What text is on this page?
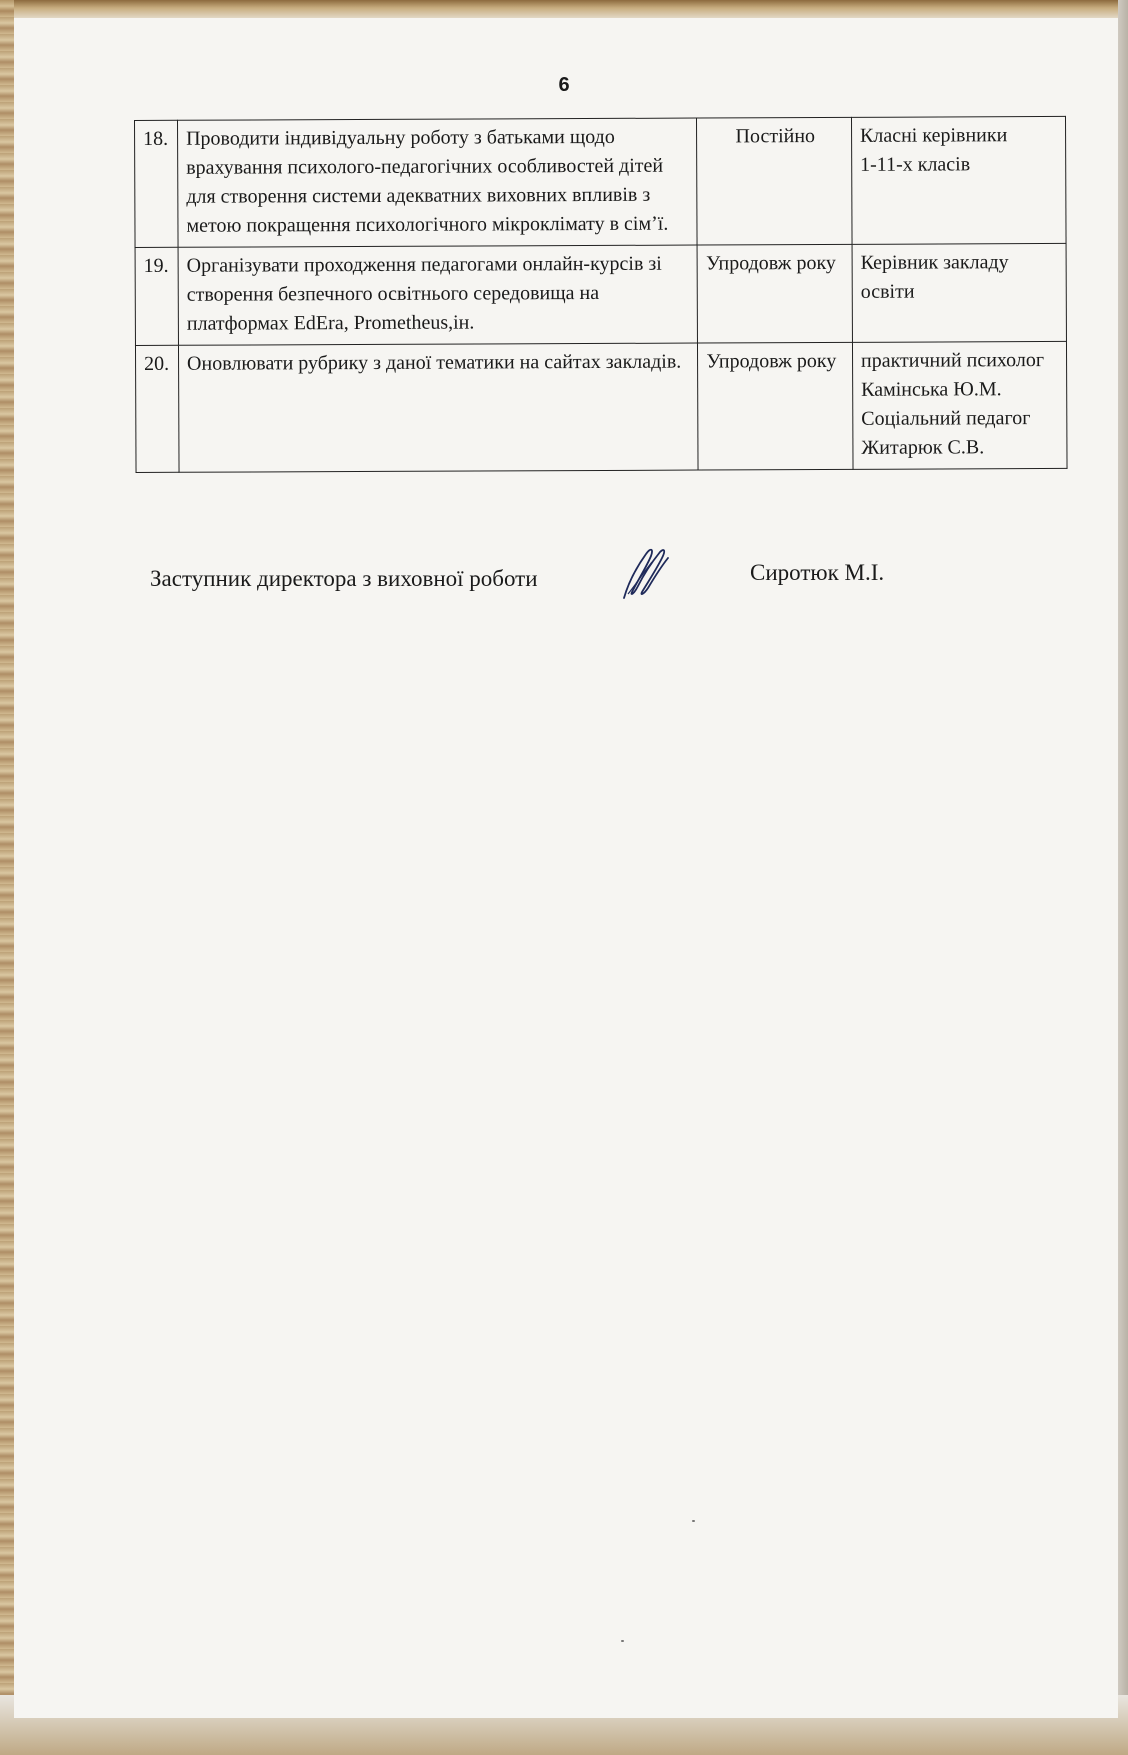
6
18.	Проводити індивідуальну роботу з батьками щодо врахування психолого-педагогічних особливостей дітей для створення системи адекватних виховних впливів з метою покращення психологічного мікроклімату в сім’ї.	Постійно	Класні керівники
1-11-х класів

19.	Організувати проходження педагогами онлайн-курсів зі створення безпечного освітнього середовища на платформах EdEra, Prometheus,ін.	Упродовж року	Керівник закладу освіти

20.	Оновлювати рубрику з даної тематики на сайтах закладів.	Упродовж року	практичний психолог
Камінська Ю.М.
Соціальний педагог
Житарюк С.В.
Заступник директора з виховної роботи	Сиротюк М.І.
